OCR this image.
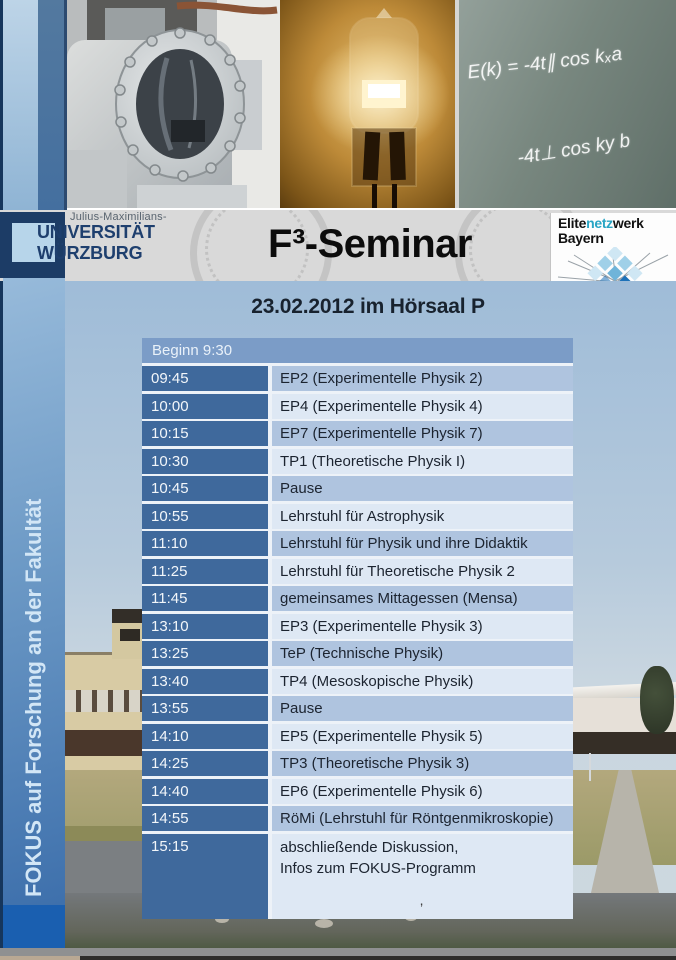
E(k) = -4t∥ cos kₓa
-4t⊥ cos ky b
Julius-Maximilians-
UNIVERSITÄT
WÜRZBURG	F³-Seminar	Elitenetzwerk
Bayern
23.02.2012 im Hörsaal P
Beginn 9:30
09:45	EP2 (Experimentelle Physik 2)
10:00	EP4 (Experimentelle Physik 4)
10:15	EP7 (Experimentelle Physik 7)
10:30	TP1 (Theoretische Physik I)
10:45	Pause
10:55	Lehrstuhl für Astrophysik
11:10	Lehrstuhl für Physik und ihre Didaktik
11:25	Lehrstuhl für Theoretische Physik 2
11:45	gemeinsames Mittagessen (Mensa)
13:10	EP3 (Experimentelle Physik 3)
13:25	TeP (Technische Physik)
13:40	TP4 (Mesoskopische Physik)
13:55	Pause
14:10	EP5 (Experimentelle Physik 5)
14:25	TP3 (Theoretische Physik 3)
14:40	EP6 (Experimentelle Physik 6)
14:55	RöMi (Lehrstuhl für Röntgenmikroskopie)
15:15	abschließende Diskussion,
Infos zum FOKUS-Programm
’
FOKUS auf Forschung an der Fakultät
